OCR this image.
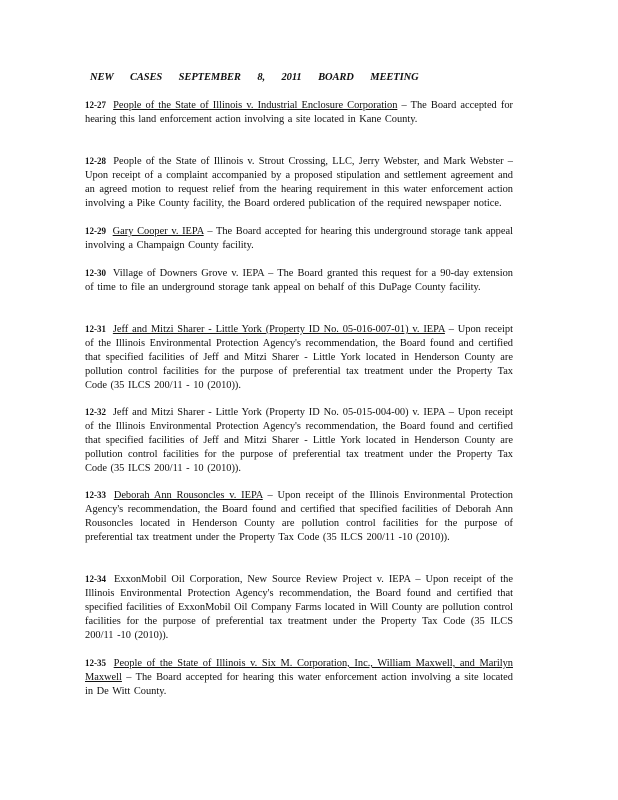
NEW CASES SEPTEMBER 8, 2011 BOARD MEETING
12-27 People of the State of Illinois v. Industrial Enclosure Corporation – The Board accepted for hearing this land enforcement action involving a site located in Kane County.
12-28 People of the State of Illinois v. Strout Crossing, LLC, Jerry Webster, and Mark Webster – Upon receipt of a complaint accompanied by a proposed stipulation and settlement agreement and an agreed motion to request relief from the hearing requirement in this water enforcement action involving a Pike County facility, the Board ordered publication of the required newspaper notice.
12-29 Gary Cooper v. IEPA – The Board accepted for hearing this underground storage tank appeal involving a Champaign County facility.
12-30 Village of Downers Grove v. IEPA – The Board granted this request for a 90-day extension of time to file an underground storage tank appeal on behalf of this DuPage County facility.
12-31 Jeff and Mitzi Sharer - Little York (Property ID No. 05-016-007-01) v. IEPA – Upon receipt of the Illinois Environmental Protection Agency's recommendation, the Board found and certified that specified facilities of Jeff and Mitzi Sharer - Little York located in Henderson County are pollution control facilities for the purpose of preferential tax treatment under the Property Tax Code (35 ILCS 200/11 - 10 (2010)).
12-32 Jeff and Mitzi Sharer - Little York (Property ID No. 05-015-004-00) v. IEPA – Upon receipt of the Illinois Environmental Protection Agency's recommendation, the Board found and certified that specified facilities of Jeff and Mitzi Sharer - Little York located in Henderson County are pollution control facilities for the purpose of preferential tax treatment under the Property Tax Code (35 ILCS 200/11 - 10 (2010)).
12-33 Deborah Ann Rousoncles v. IEPA – Upon receipt of the Illinois Environmental Protection Agency's recommendation, the Board found and certified that specified facilities of Deborah Ann Rousoncles located in Henderson County are pollution control facilities for the purpose of preferential tax treatment under the Property Tax Code (35 ILCS 200/11 -10 (2010)).
12-34 ExxonMobil Oil Corporation, New Source Review Project v. IEPA – Upon receipt of the Illinois Environmental Protection Agency's recommendation, the Board found and certified that specified facilities of ExxonMobil Oil Company Farms located in Will County are pollution control facilities for the purpose of preferential tax treatment under the Property Tax Code (35 ILCS 200/11 -10 (2010)).
12-35 People of the State of Illinois v. Six M. Corporation, Inc., William Maxwell, and Marilyn Maxwell – The Board accepted for hearing this water enforcement action involving a site located in De Witt County.
